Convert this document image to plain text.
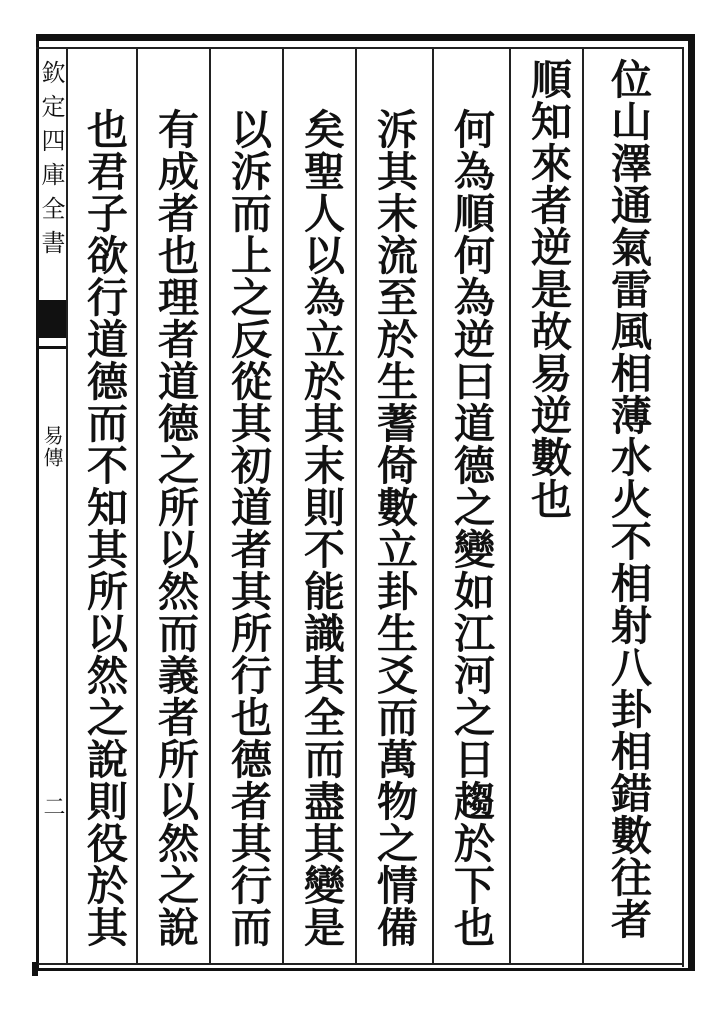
欽定四庫全書
易傳
二	位山澤通氣雷風相薄水火不相射八卦相錯數往者
順知來者逆是故易逆數也
何為順何為逆曰道德之變如江河之日趨於下也
泝其末流至於生蓍倚數立卦生爻而萬物之情備
矣聖人以為立於其末則不能識其全而盡其變是
以泝而上之反從其初道者其所行也德者其行而
有成者也理者道德之所以然而義者所以然之說
也君子欲行道德而不知其所以然之說則役於其
